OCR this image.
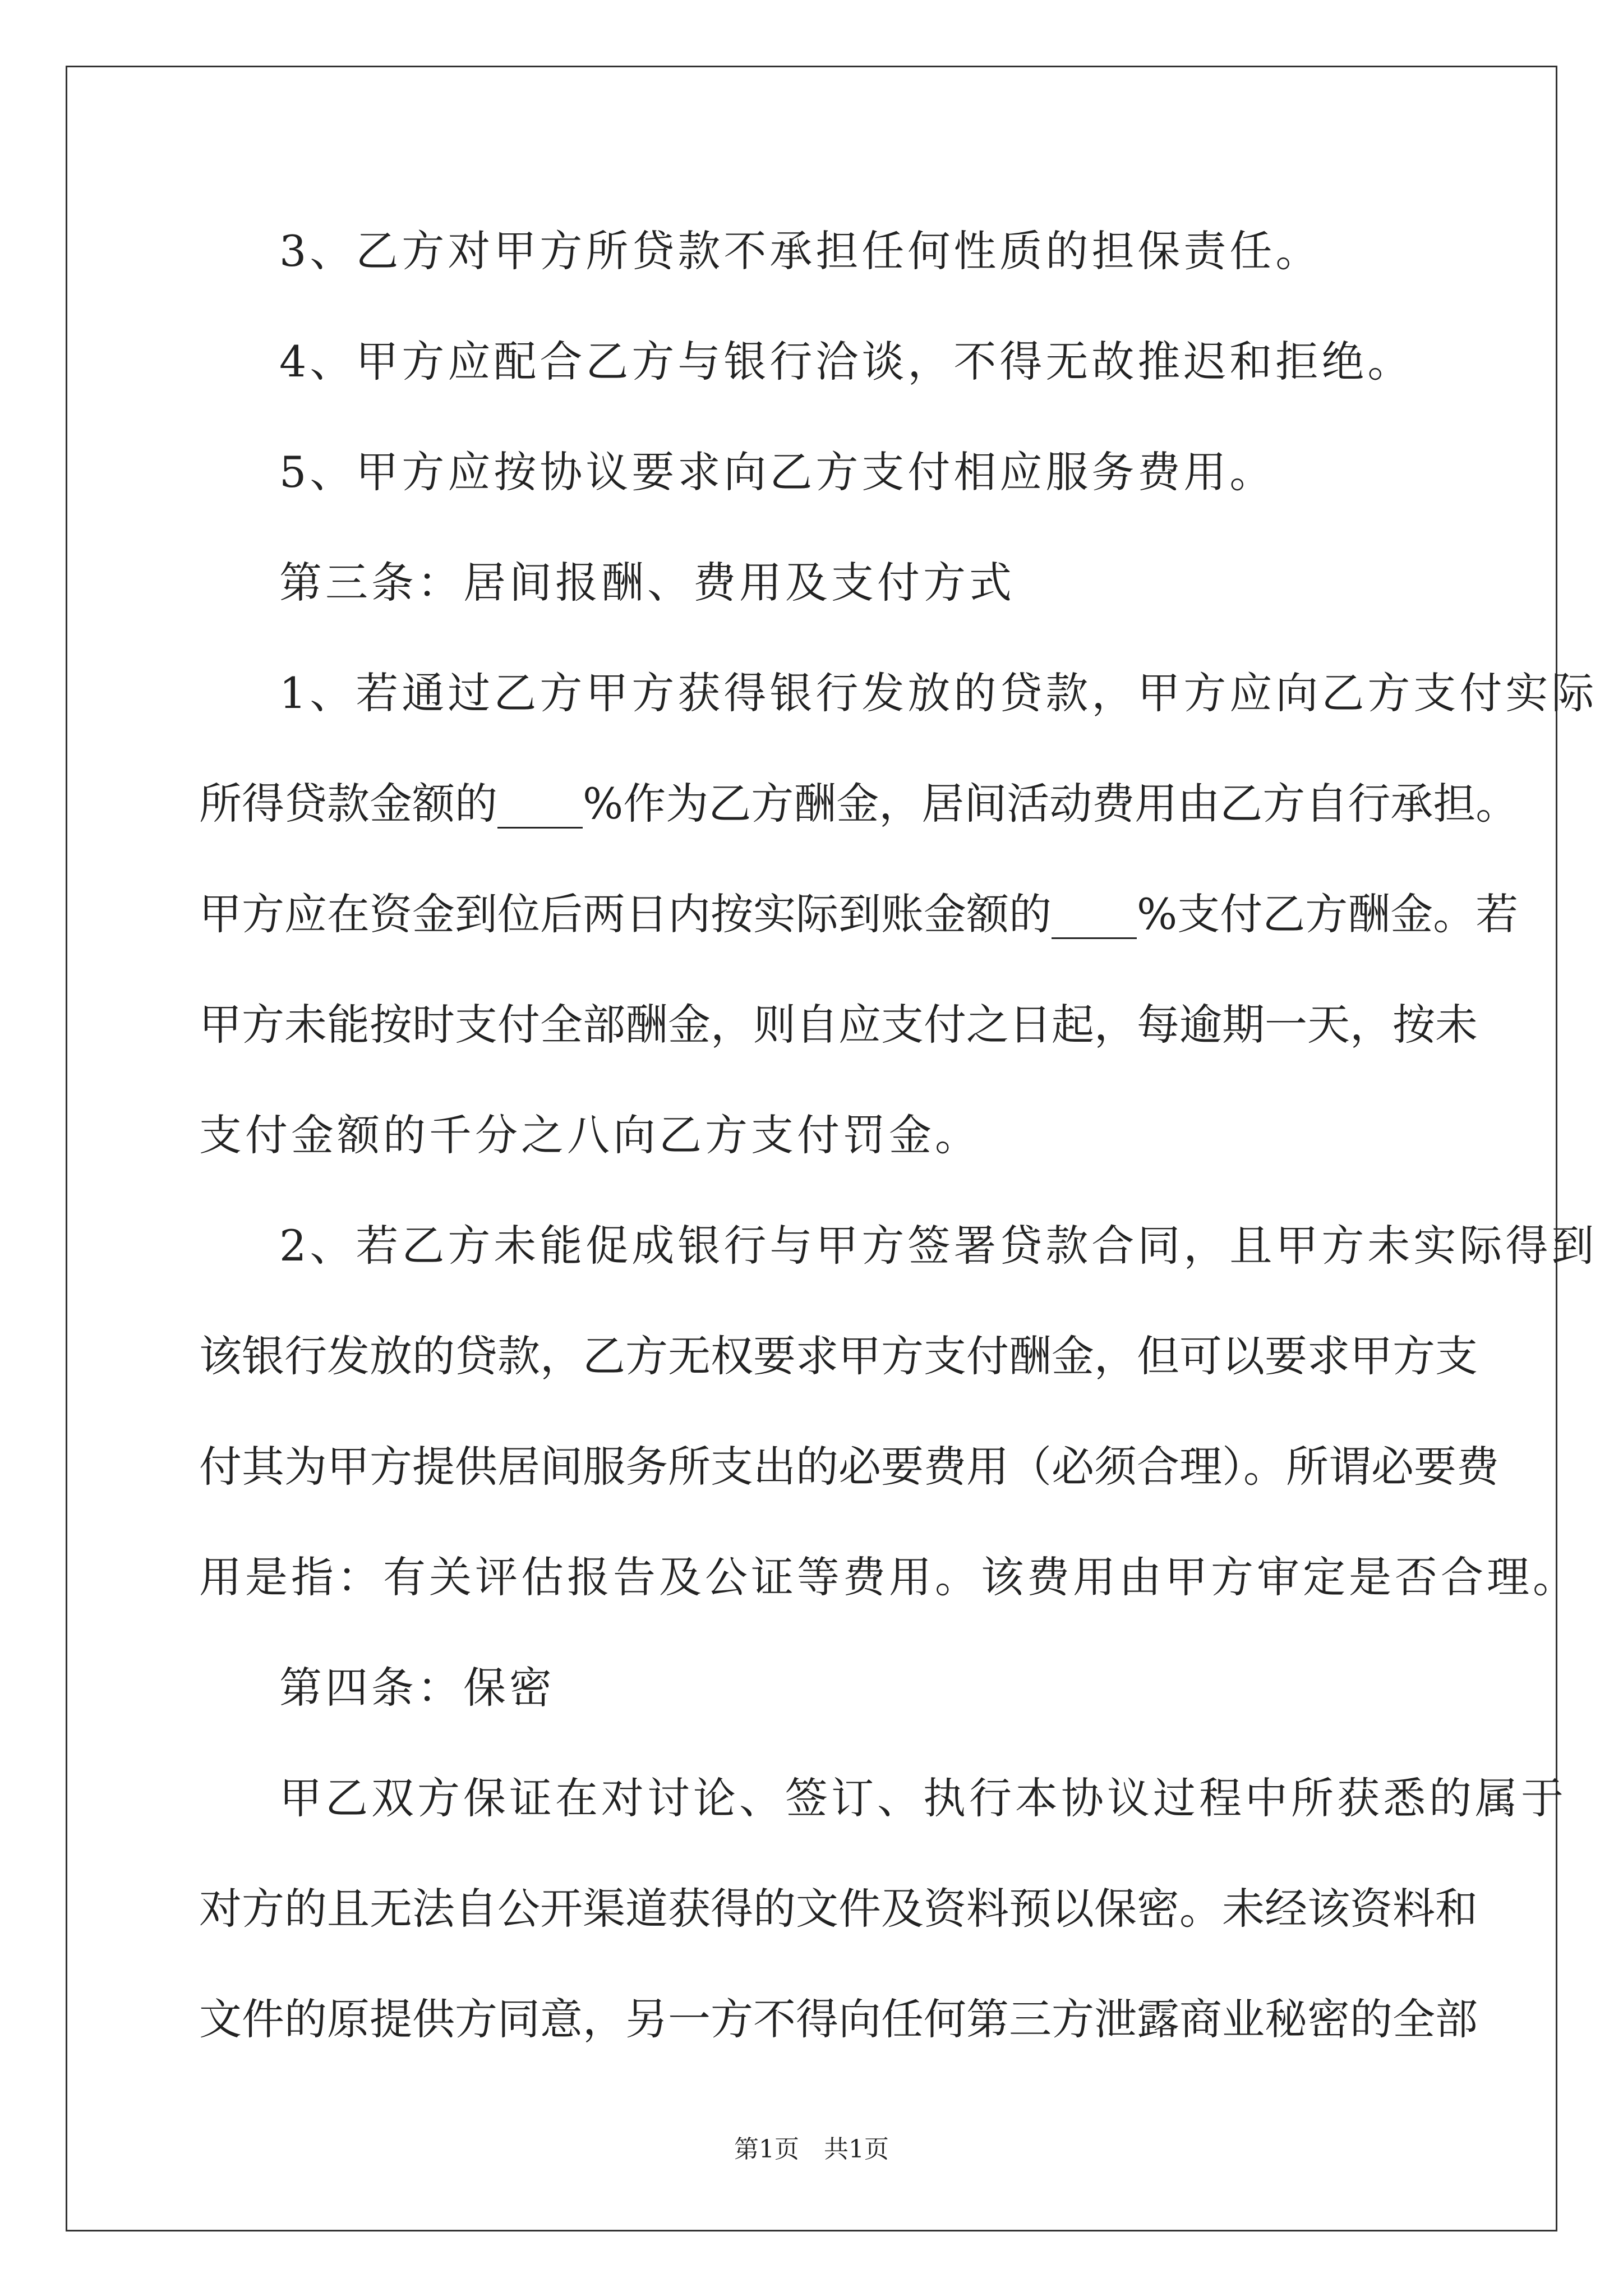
3、乙方对甲方所贷款不承担任何性质的担保责任。
4、甲方应配合乙方与银行洽谈，不得无故推迟和拒绝。
5、甲方应按协议要求向乙方支付相应服务费用。
第三条：居间报酬、费用及支付方式
1、若通过乙方甲方获得银行发放的贷款，甲方应向乙方支付实际
所得贷款金额的____%作为乙方酬金，居间活动费用由乙方自行承担。
甲方应在资金到位后两日内按实际到账金额的____%支付乙方酬金。若
甲方未能按时支付全部酬金，则自应支付之日起，每逾期一天，按未
支付金额的千分之八向乙方支付罚金。
2、若乙方未能促成银行与甲方签署贷款合同，且甲方未实际得到
该银行发放的贷款，乙方无权要求甲方支付酬金，但可以要求甲方支
付其为甲方提供居间服务所支出的必要费用（必须合理）。所谓必要费
用是指：有关评估报告及公证等费用。该费用由甲方审定是否合理。
第四条：保密
甲乙双方保证在对讨论、签订、执行本协议过程中所获悉的属于
对方的且无法自公开渠道获得的文件及资料预以保密。未经该资料和
文件的原提供方同意，另一方不得向任何第三方泄露商业秘密的全部
第1页　共1页
